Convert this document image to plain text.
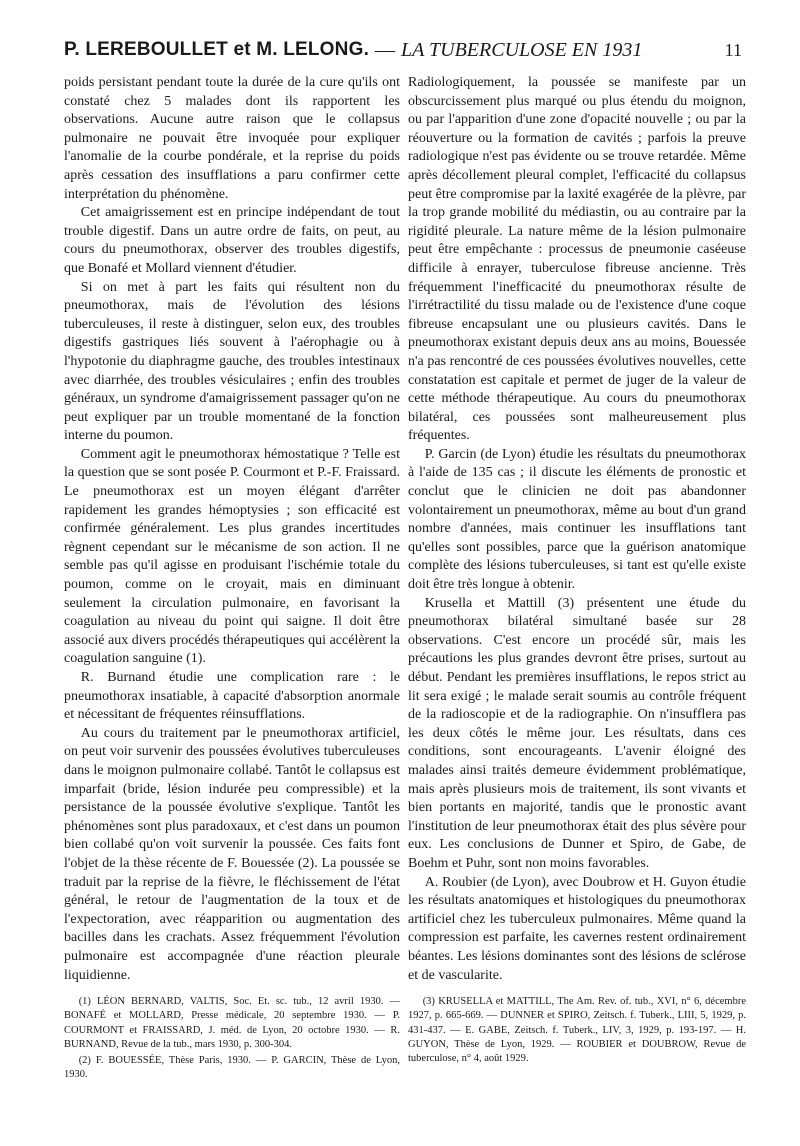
P. LEREBOULLET et M. LELONG. — LA TUBERCULOSE EN 1931	11

poids persistant pendant toute la durée de la cure qu'ils ont constaté chez 5 malades dont ils rapportent les observations. Aucune autre raison que le collapsus pulmonaire ne pouvait être invoquée pour expliquer l'anomalie de la courbe pondérale, et la reprise du poids après cessation des insufflations a paru confirmer cette interprétation du phénomène.

Cet amaigrissement est en principe indépendant de tout trouble digestif. Dans un autre ordre de faits, on peut, au cours du pneumothorax, observer des troubles digestifs, que Bonafé et Mollard viennent d'étudier.

Si on met à part les faits qui résultent non du pneumothorax, mais de l'évolution des lésions tuberculeuses, il reste à distinguer, selon eux, des troubles digestifs gastriques liés souvent à l'aérophagie ou à l'hypotonie du diaphragme gauche, des troubles intestinaux avec diarrhée, des troubles vésiculaires ; enfin des troubles généraux, un syndrome d'amaigrissement passager qu'on ne peut expliquer par un trouble momentané de la fonction interne du poumon.

Comment agit le pneumothorax hémostatique ? Telle est la question que se sont posée P. Courmont et P.-F. Fraissard. Le pneumothorax est un moyen élégant d'arrêter rapidement les grandes hémoptysies ; son efficacité est confirmée généralement. Les plus grandes incertitudes règnent cependant sur le mécanisme de son action. Il ne semble pas qu'il agisse en produisant l'ischémie totale du poumon, comme on le croyait, mais en diminuant seulement la circulation pulmonaire, en favorisant la coagulation au niveau du point qui saigne. Il doit être associé aux divers procédés thérapeutiques qui accélèrent la coagulation sanguine (1).

R. Burnand étudie une complication rare : le pneumothorax insatiable, à capacité d'absorption anormale et nécessitant de fréquentes réinsufflations.

Au cours du traitement par le pneumothorax artificiel, on peut voir survenir des poussées évolutives tuberculeuses dans le moignon pulmonaire collabé. Tantôt le collapsus est imparfait (bride, lésion indurée peu compressible) et la persistance de la poussée évolutive s'explique. Tantôt les phénomènes sont plus paradoxaux, et c'est dans un poumon bien collabé qu'on voit survenir la poussée. Ces faits font l'objet de la thèse récente de F. Bouessée (2). La poussée se traduit par la reprise de la fièvre, le fléchissement de l'état général, le retour de l'augmentation de la toux et de l'expectoration, avec réapparition ou augmentation des bacilles dans les crachats. Assez fréquemment l'évolution pulmonaire est accompagnée d'une réaction pleurale liquidienne.

(1) LÉON BERNARD, VALTIS, Soc. Et. sc. tub., 12 avril 1930. — BONAFÉ et MOLLARD, Presse médicale, 20 septembre 1930. — P. COURMONT et FRAISSARD, J. méd. de Lyon, 20 octobre 1930. — R. BURNAND, Revue de la tub., mars 1930, p. 300-304.

(2) F. BOUESSÉE, Thèse Paris, 1930. — P. GARCIN, Thèse de Lyon, 1930.

Radiologiquement, la poussée se manifeste par un obscurcissement plus marqué ou plus étendu du moignon, ou par l'apparition d'une zone d'opacité nouvelle ; ou par la réouverture ou la formation de cavités ; parfois la preuve radiologique n'est pas évidente ou se trouve retardée. Même après décollement pleural complet, l'efficacité du collapsus peut être compromise par la laxité exagérée de la plèvre, par la trop grande mobilité du médiastin, ou au contraire par la rigidité pleurale. La nature même de la lésion pulmonaire peut être empêchante : processus de pneumonie caséeuse difficile à enrayer, tuberculose fibreuse ancienne. Très fréquemment l'inefficacité du pneumothorax résulte de l'irrétractilité du tissu malade ou de l'existence d'une coque fibreuse encapsulant une ou plusieurs cavités. Dans le pneumothorax existant depuis deux ans au moins, Bouessée n'a pas rencontré de ces poussées évolutives nouvelles, cette constatation est capitale et permet de juger de la valeur de cette méthode thérapeutique. Au cours du pneumothorax bilatéral, ces poussées sont malheureusement plus fréquentes.

P. Garcin (de Lyon) étudie les résultats du pneumothorax à l'aide de 135 cas ; il discute les éléments de pronostic et conclut que le clinicien ne doit pas abandonner volontairement un pneumothorax, même au bout d'un grand nombre d'années, mais continuer les insufflations tant qu'elles sont possibles, parce que la guérison anatomique complète des lésions tuberculeuses, si tant est qu'elle existe doit être très longue à obtenir.

Krusella et Mattill (3) présentent une étude du pneumothorax bilatéral simultané basée sur 28 observations. C'est encore un procédé sûr, mais les précautions les plus grandes devront être prises, surtout au début. Pendant les premières insufflations, le repos strict au lit sera exigé ; le malade serait soumis au contrôle fréquent de la radioscopie et de la radiographie. On n'insufflera pas les deux côtés le même jour. Les résultats, dans ces conditions, sont encourageants. L'avenir éloigné des malades ainsi traités demeure évidemment problématique, mais après plusieurs mois de traitement, ils sont vivants et bien portants en majorité, tandis que le pronostic avant l'institution de leur pneumothorax était des plus sévère pour eux. Les conclusions de Dunner et Spiro, de Gabe, de Boehm et Puhr, sont non moins favorables.

A. Roubier (de Lyon), avec Doubrow et H. Guyon étudie les résultats anatomiques et histologiques du pneumothorax artificiel chez les tuberculeux pulmonaires. Même quand la compression est parfaite, les cavernes restent ordinairement béantes. Les lésions dominantes sont des lésions de sclérose et de vascularite.

(3) KRUSELLA et MATTILL, The Am. Rev. of. tub., XVI, n° 6, décembre 1927, p. 665-669. — DUNNER et SPIRO, Zeitsch. f. Tuberk., LIII, 5, 1929, p. 431-437. — E. GABE, Zeitsch. f. Tuberk., LIV, 3, 1929, p. 193-197. — H. GUYON, Thèse de Lyon, 1929. — ROUBIER et DOUBROW, Revue de tuberculose, n° 4, août 1929.
